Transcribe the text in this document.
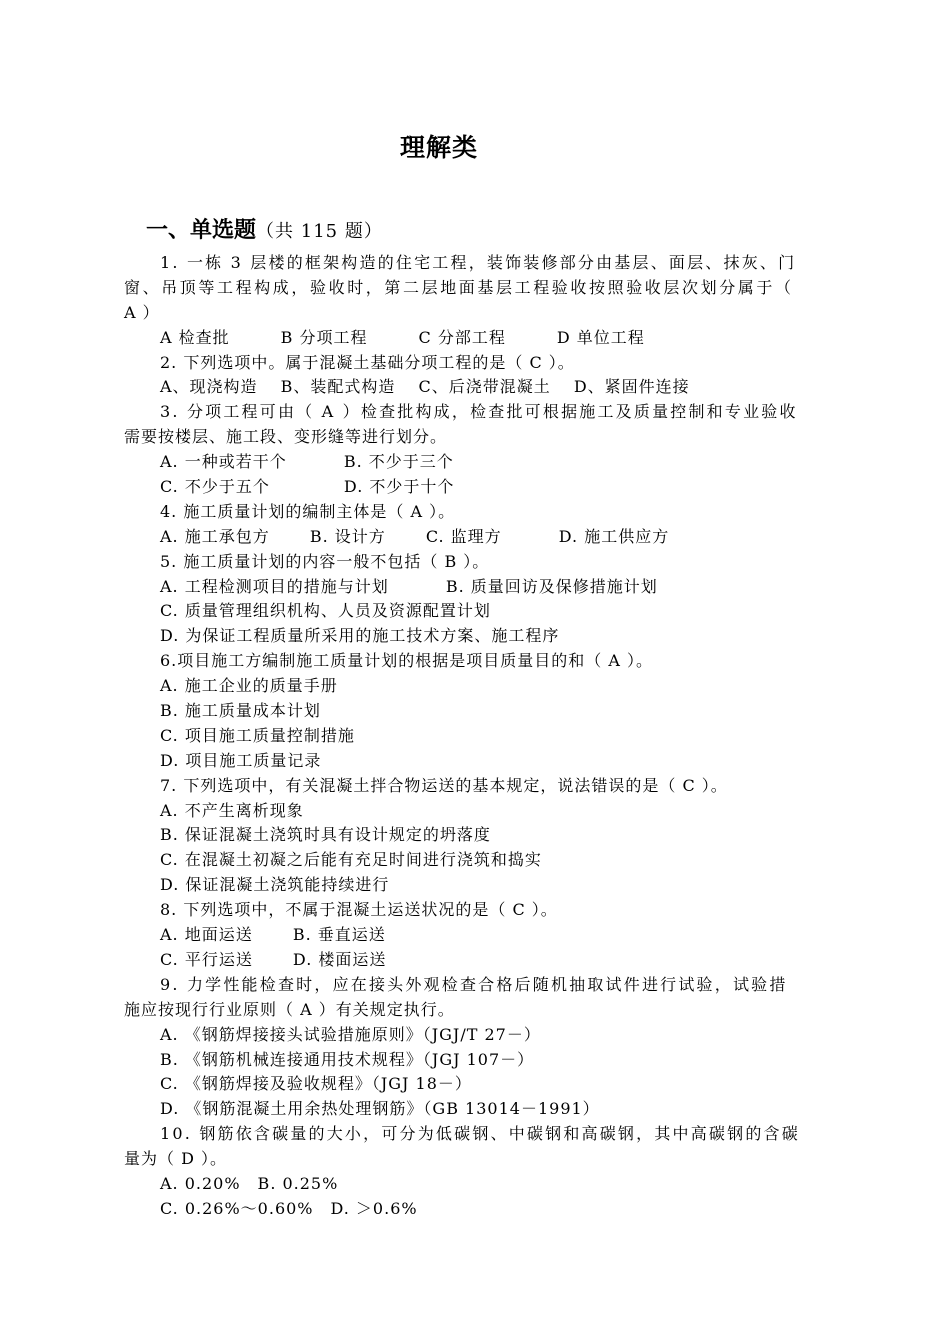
理解类
一、单选题（共 115 题）
1. 一栋 3 层楼的框架构造的住宅工程，装饰装修部分由基层、面层、抹灰、门
窗、吊顶等工程构成，验收时，第二层地面基层工程验收按照验收层次划分属于（
A ）
A 检查批　　　B 分项工程　　　C 分部工程　　　D 单位工程
2. 下列选项中。属于混凝土基础分项工程的是（ C ）。
A、现浇构造　 B、装配式构造　 C、后浇带混凝土　 D、紧固件连接
3. 分项工程可由（ A ）检查批构成，检查批可根据施工及质量控制和专业验收
需要按楼层、施工段、变形缝等进行划分。
A. 一种或若干个　　　 B. 不少于三个
C. 不少于五个　　　　 D. 不少于十个
4. 施工质量计划的编制主体是（ A ）。
A. 施工承包方　　 B. 设计方　　 C. 监理方　　　 D. 施工供应方
5. 施工质量计划的内容一般不包括（ B ）。
A. 工程检测项目的措施与计划　　　 B. 质量回访及保修措施计划
C. 质量管理组织机构、人员及资源配置计划
D. 为保证工程质量所采用的施工技术方案、施工程序
6.项目施工方编制施工质量计划的根据是项目质量目的和（ A ）。
A. 施工企业的质量手册
B. 施工质量成本计划
C. 项目施工质量控制措施
D. 项目施工质量记录
7. 下列选项中，有关混凝土拌合物运送的基本规定，说法错误的是（ C ）。
A. 不产生离析现象
B. 保证混凝土浇筑时具有设计规定的坍落度
C. 在混凝土初凝之后能有充足时间进行浇筑和捣实
D. 保证混凝土浇筑能持续进行
8. 下列选项中，不属于混凝土运送状况的是（ C ）。
A. 地面运送　　 B. 垂直运送
C. 平行运送　　 D. 楼面运送
9. 力学性能检查时，应在接头外观检查合格后随机抽取试件进行试验，试验措
施应按现行行业原则（ A ）有关规定执行。
A. 《钢筋焊接接头试验措施原则》（JGJ/T 27－）
B. 《钢筋机械连接通用技术规程》（JGJ 107－）
C. 《钢筋焊接及验收规程》（JGJ 18－）
D. 《钢筋混凝土用余热处理钢筋》（GB 13014－1991）
10. 钢筋依含碳量的大小，可分为低碳钢、中碳钢和高碳钢，其中高碳钢的含碳
量为（ D ）。
A. 0.20%　B. 0.25%
C. 0.26%～0.60%　D. ＞0.6%
